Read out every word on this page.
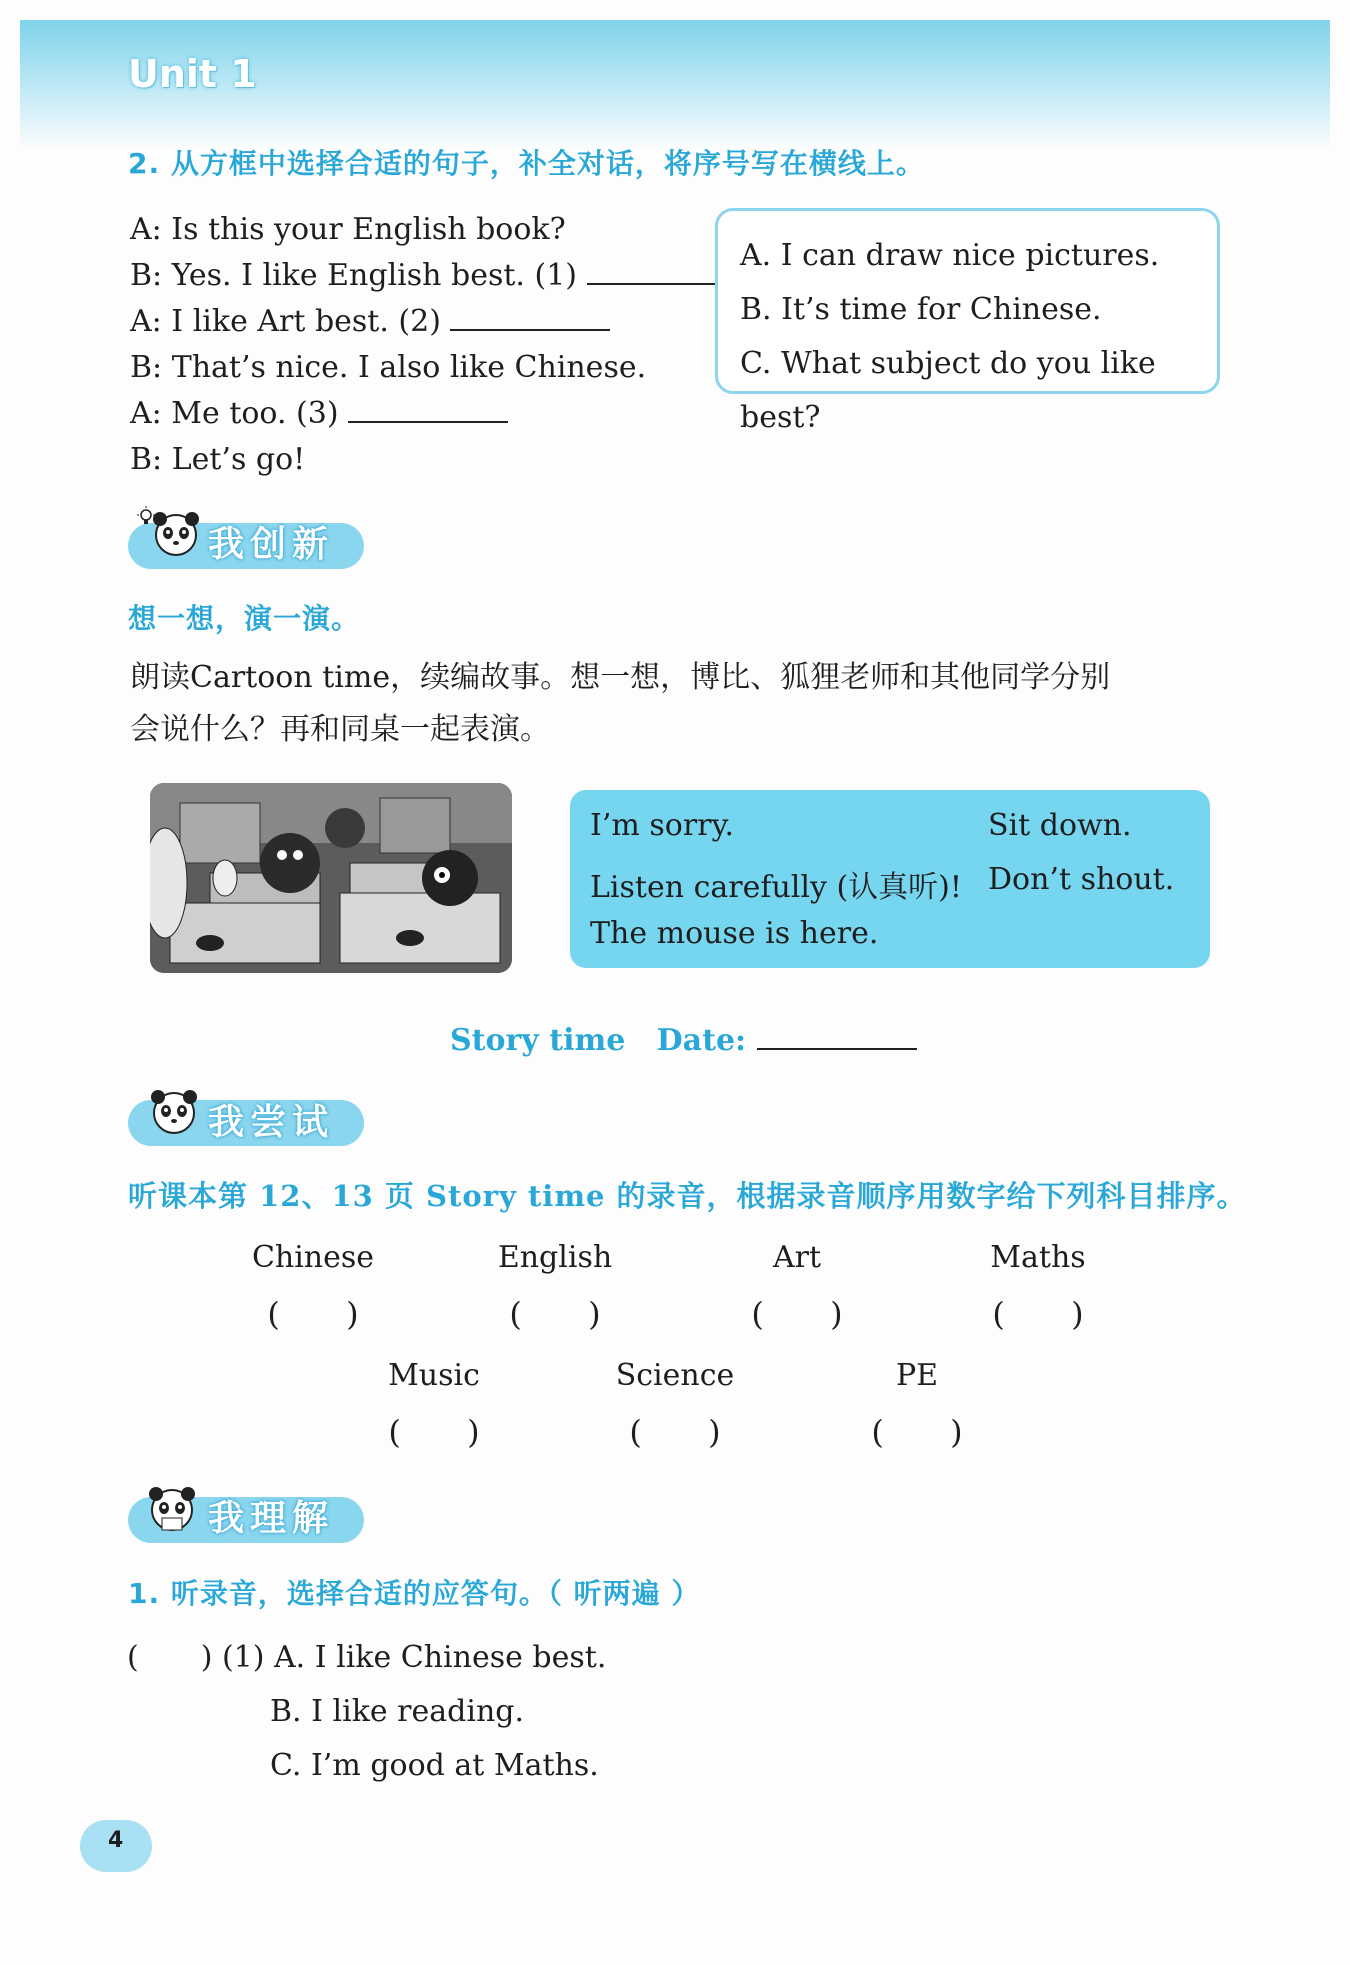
Unit 1
2. 从方框中选择合适的句子，补全对话，将序号写在横线上。
A: Is this your English book?
B: Yes. I like English best. (1)
A: I like Art best. (2)
B: That’s nice. I also like Chinese.
A: Me too. (3)
B: Let’s go!
A. I can draw nice pictures.
B. It’s time for Chinese.
C. What subject do you like best?
我创新
想一想，演一演。
朗读Cartoon time，续编故事。想一想，博比、狐狸老师和其他同学分别
会说什么？再和同桌一起表演。
I’m sorry.	Sit down.
Listen carefully (认真听)! Don’t shout.
The mouse is here.
Story time Date:
我尝试
听课本第 12、13 页 Story time 的录音，根据录音顺序用数字给下列科目排序。
Chinese	English	Art	Maths
( )	( )	( )	( )
Music	Science	PE
( )	( )	( )
我理解
1. 听录音，选择合适的应答句。（ 听两遍 ）
( ) (1) A. I like Chinese best.
B. I like reading.
C. I’m good at Maths.
4
